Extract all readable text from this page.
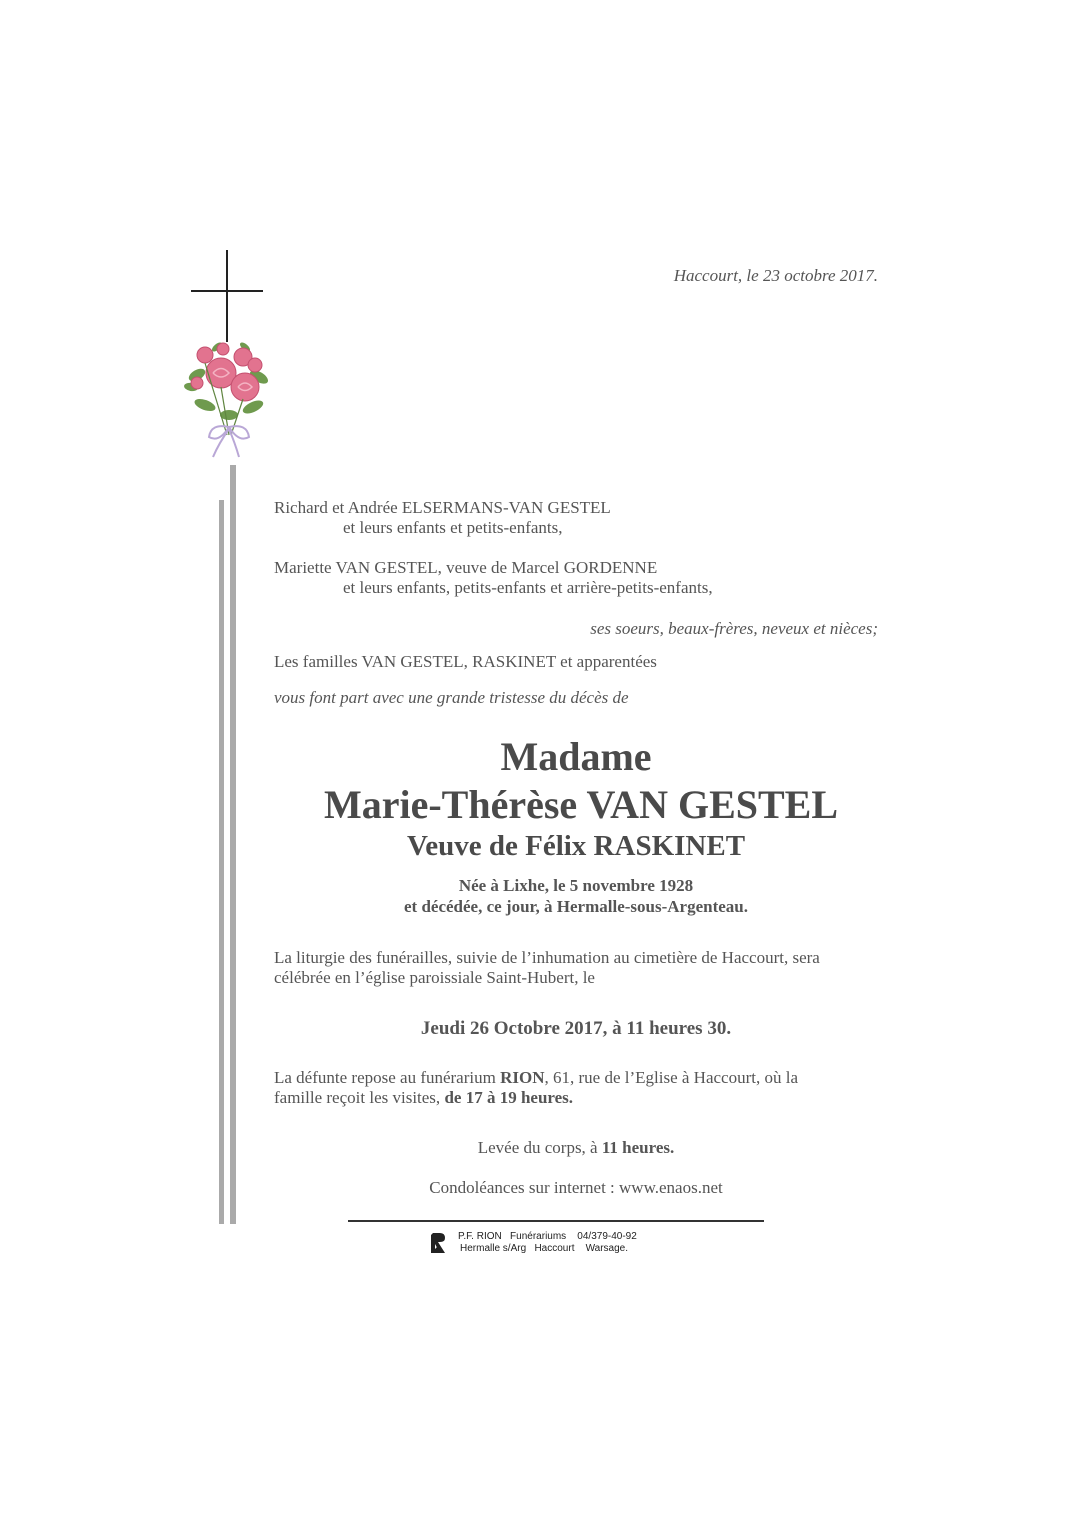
Haccourt, le 23 octobre 2017.
Richard et Andrée ELSERMANS-VAN GESTEL
et leurs enfants et petits-enfants,
Mariette VAN GESTEL, veuve de Marcel GORDENNE
et leurs enfants, petits-enfants et arrière-petits-enfants,
ses soeurs, beaux-frères, neveux et nièces;
Les familles VAN GESTEL, RASKINET et apparentées
vous font part avec une grande tristesse du décès de
Madame
Marie-Thérèse VAN GESTEL
Veuve de Félix RASKINET
Née à Lixhe, le 5 novembre 1928
et décédée, ce jour, à Hermalle-sous-Argenteau.
La liturgie des funérailles, suivie de l’inhumation au cimetière de Haccourt, sera
célébrée en l’église paroissiale Saint-Hubert, le
Jeudi 26 Octobre 2017, à 11 heures 30.
La défunte repose au funérarium RION, 61, rue de l’Eglise à Haccourt, où la
famille reçoit les visites, de 17 à 19 heures.
Levée du corps, à 11 heures.
Condoléances sur internet : www.enaos.net
P.F. RION   Funérariums    04/379-40-92
Hermalle s/Arg   Haccourt    Warsage.
